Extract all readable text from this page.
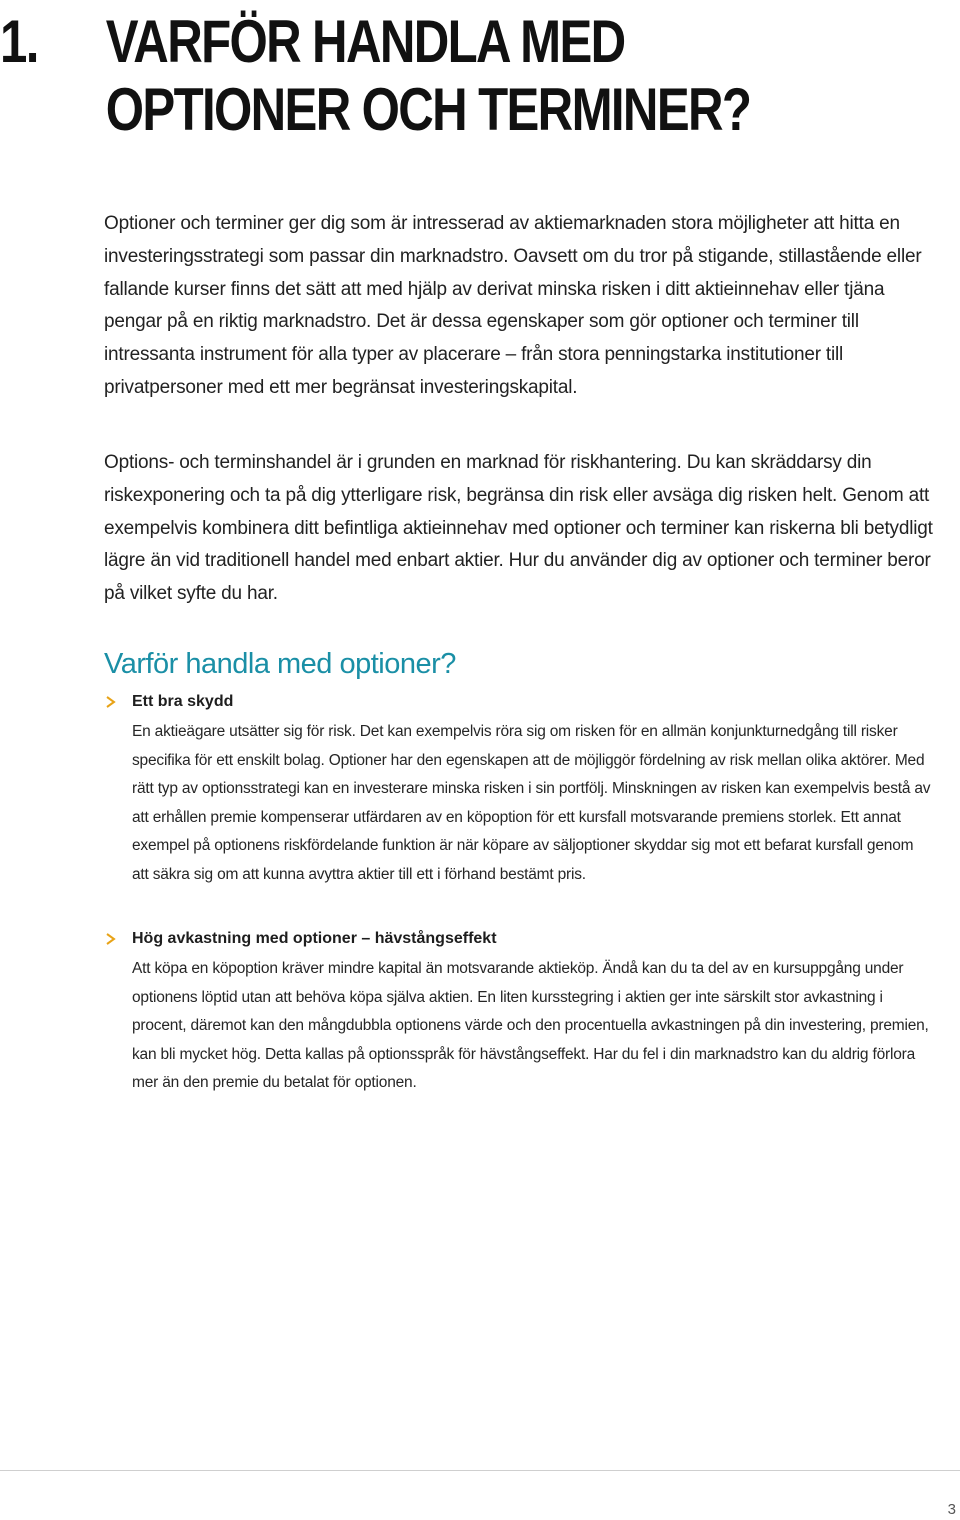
1. VARFÖR HANDLA MED
OPTIONER OCH TERMINER?

Optioner och terminer ger dig som är intresserad av aktiemarknaden stora möjligheter att hitta en investeringsstrategi som passar din marknadstro. Oavsett om du tror på stigande, stillastående eller fallande kurser finns det sätt att med hjälp av derivat minska risken i ditt aktieinnehav eller tjäna pengar på en riktig marknadstro. Det är dessa egenskaper som gör optioner och terminer till intressanta instrument för alla typer av placerare – från stora penningstarka institutioner till privatpersoner med ett mer begränsat investeringskapital.

Options- och terminshandel är i grunden en marknad för riskhantering. Du kan skräddarsy din riskexponering och ta på dig ytterligare risk, begränsa din risk eller avsäga dig risken helt. Genom att exempelvis kombinera ditt befintliga aktieinnehav med optioner och terminer kan riskerna bli betydligt lägre än vid traditionell handel med enbart aktier. Hur du använder dig av optioner och terminer beror på vilket syfte du har.

Varför handla med optioner?

Ett bra skydd

En aktieägare utsätter sig för risk. Det kan exempelvis röra sig om risken för en allmän konjunkturnedgång till risker specifika för ett enskilt bolag. Optioner har den egenskapen att de möjliggör fördelning av risk mellan olika aktörer. Med rätt typ av optionsstrategi kan en investerare minska risken i sin portfölj. Minskningen av risken kan exempelvis bestå av att erhållen premie kompenserar utfärdaren av en köpoption för ett kursfall motsvarande premiens storlek. Ett annat exempel på optionens riskfördelande funktion är när köpare av säljoptioner skyddar sig mot ett befarat kursfall genom att säkra sig om att kunna avyttra aktier till ett i förhand bestämt pris.

Hög avkastning med optioner – hävstångseffekt

Att köpa en köpoption kräver mindre kapital än motsvarande aktieköp. Ändå kan du ta del av en kursuppgång under optionens löptid utan att behöva köpa själva aktien. En liten kursstegring i aktien ger inte särskilt stor avkastning i procent, däremot kan den mångdubbla optionens värde och den procentuella avkastningen på din investering, premien, kan bli mycket hög. Detta kallas på optionsspråk för hävstångseffekt. Har du fel i din marknadstro kan du aldrig förlora mer än den premie du betalat för optionen.

3
